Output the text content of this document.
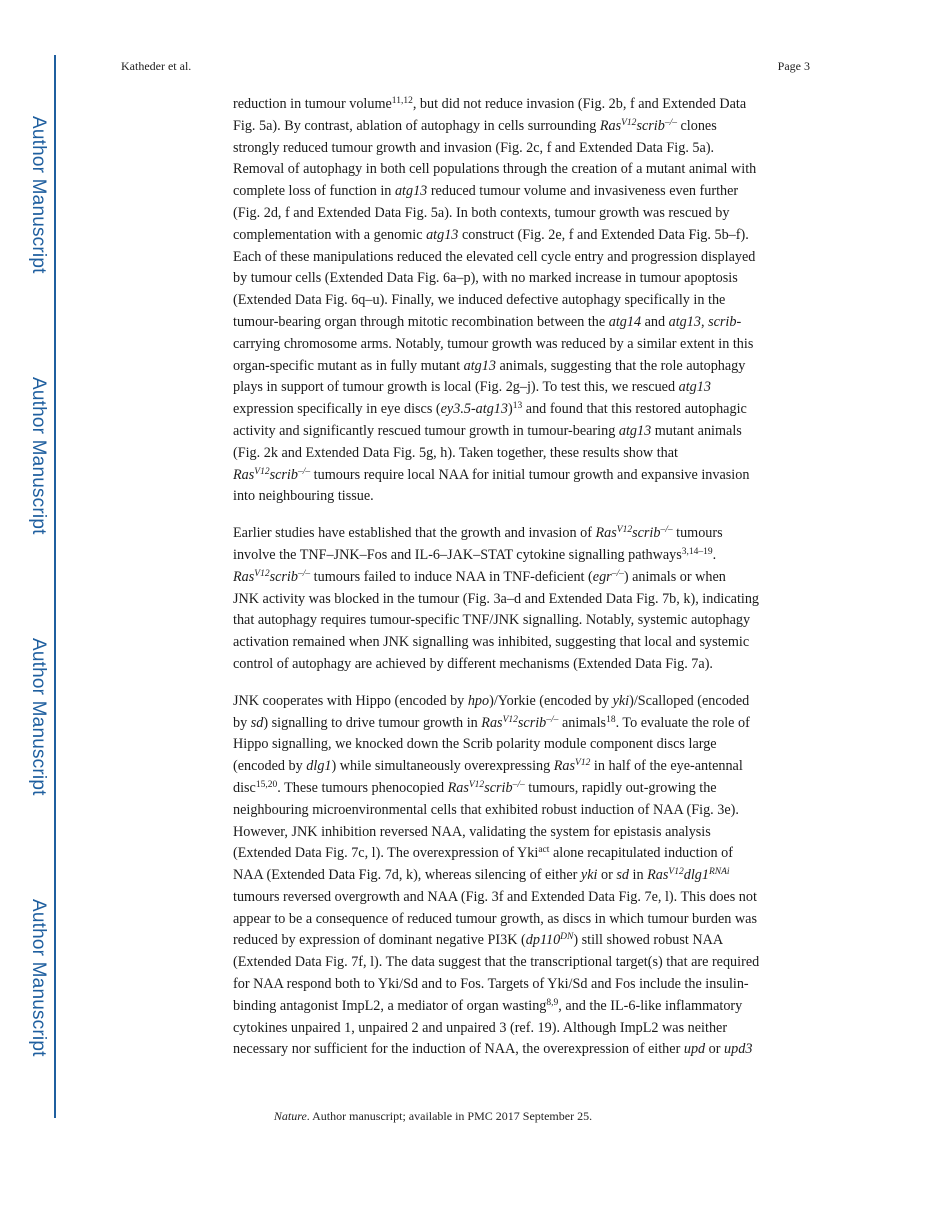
Author Manuscript
Author Manuscript
Author Manuscript
Author Manuscript
Katheder et al.	Page 3
reduction in tumour volume$^{11,12}$, but did not reduce invasion (Fig. 2b, f and Extended Data
Fig. 5a). By contrast, ablation of autophagy in cells surrounding Ras$^{V12}$scrib–/– clones
strongly reduced tumour growth and invasion (Fig. 2c, f and Extended Data Fig. 5a).
Removal of autophagy in both cell populations through the creation of a mutant animal with
complete loss of function in atg13 reduced tumour volume and invasiveness even further
(Fig. 2d, f and Extended Data Fig. 5a). In both contexts, tumour growth was rescued by
complementation with a genomic atg13 construct (Fig. 2e, f and Extended Data Fig. 5b–f).
Each of these manipulations reduced the elevated cell cycle entry and progression displayed
by tumour cells (Extended Data Fig. 6a–p), with no marked increase in tumour apoptosis
(Extended Data Fig. 6q–u). Finally, we induced defective autophagy specifically in the
tumour-bearing organ through mitotic recombination between the atg14 and atg13, scrib-
carrying chromosome arms. Notably, tumour growth was reduced by a similar extent in this
organ-specific mutant as in fully mutant atg13 animals, suggesting that the role autophagy
plays in support of tumour growth is local (Fig. 2g–j). To test this, we rescued atg13
expression specifically in eye discs $(ey3.5-atg13)^{13}$ and found that this restored autophagic
activity and significantly rescued tumour growth in tumour-bearing atg13 mutant animals
(Fig. 2k and Extended Data Fig. 5g, h). Taken together, these results show that
Ras$^{V12}$scrib–/– tumours require local NAA for initial tumour growth and expansive invasion
into neighbouring tissue.
Earlier studies have established that the growth and invasion of Ras$^{V12}$scrib–/– tumours
involve the TNF–JNK–Fos and IL-6–JAK–STAT cytokine signalling pathways$^{3,14-19}$.
Ras$^{V12}$scrib–/– tumours failed to induce NAA in TNF-deficient (egr–/–) animals or when
JNK activity was blocked in the tumour (Fig. 3a–d and Extended Data Fig. 7b, k), indicating
that autophagy requires tumour-specific TNF/JNK signalling. Notably, systemic autophagy
activation remained when JNK signalling was inhibited, suggesting that local and systemic
control of autophagy are achieved by different mechanisms (Extended Data Fig. 7a).
JNK cooperates with Hippo (encoded by hpo)/Yorkie (encoded by yki)/Scalloped (encoded
by sd) signalling to drive tumour growth in Ras$^{V12}$scrib–/– animals$^{18}$. To evaluate the role of
Hippo signalling, we knocked down the Scrib polarity module component discs large
(encoded by dlg1) while simultaneously overexpressing Ras$^{V12}$ in half of the eye-antennal
disc$^{15,20}$. These tumours phenocopied Ras$^{V12}$scrib–/– tumours, rapidly out-growing the
neighbouring microenvironmental cells that exhibited robust induction of NAA (Fig. 3e).
However, JNK inhibition reversed NAA, validating the system for epistasis analysis
(Extended Data Fig. 7c, l). The overexpression of Yki$^{act}$ alone recapitulated induction of
NAA (Extended Data Fig. 7d, k), whereas silencing of either yki or sd in $Ras^{V12}dlg1^{RNAi}$
tumours reversed overgrowth and NAA (Fig. 3f and Extended Data Fig. 7e, l). This does not
appear to be a consequence of reduced tumour growth, as discs in which tumour burden was
reduced by expression of dominant negative PI3K $(dp110^{DN})$ still showed robust NAA
(Extended Data Fig. 7f, l). The data suggest that the transcriptional target(s) that are required
for NAA respond both to Yki/Sd and to Fos. Targets of Yki/Sd and Fos include the insulin-
binding antagonist ImpL2, a mediator of organ wasting$^{8,9}$, and the IL-6-like inflammatory
cytokines unpaired 1, unpaired 2 and unpaired 3 (ref. 19). Although ImpL2 was neither
necessary nor sufficient for the induction of NAA, the overexpression of either upd or upd3
Nature. Author manuscript; available in PMC 2017 September 25.
